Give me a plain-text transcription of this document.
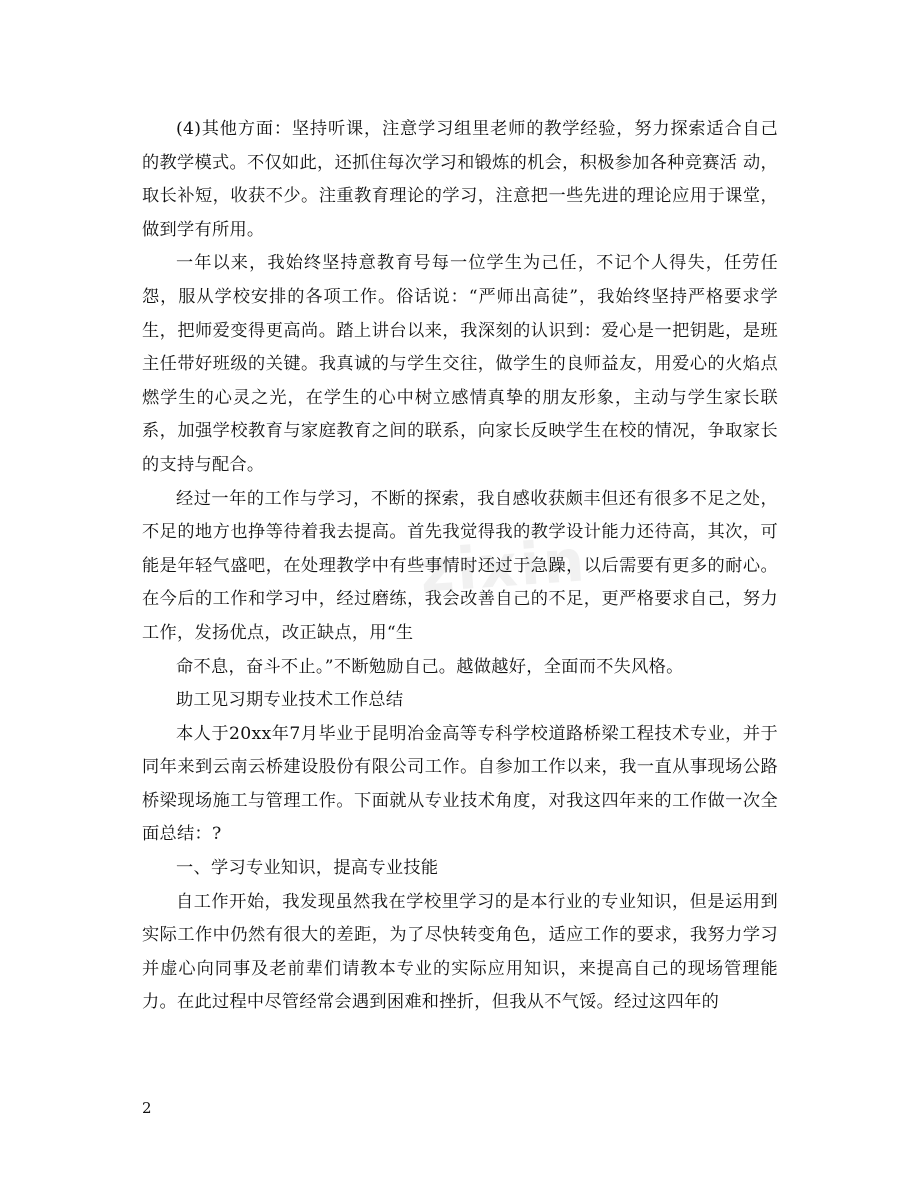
zixin

(4)其他方面：坚持听课，注意学习组里老师的教学经验，努力探索适合自己的教学模式。不仅如此，还抓住每次学习和锻炼的机会，积极参加各种竞赛活 动，取长补短，收获不少。注重教育理论的学习，注意把一些先进的理论应用于课堂，做到学有所用。

一年以来，我始终坚持意教育号每一位学生为己任，不记个人得失，任劳任怨，服从学校安排的各项工作。俗话说：“严师出高徒”，我始终坚持严格要求学生，把师爱变得更高尚。踏上讲台以来，我深刻的认识到：爱心是一把钥匙，是班主任带好班级的关键。我真诚的与学生交往，做学生的良师益友，用爱心的火焰点燃学生的心灵之光，在学生的心中树立感情真挚的朋友形象，主动与学生家长联系，加强学校教育与家庭教育之间的联系，向家长反映学生在校的情况，争取家长的支持与配合。

经过一年的工作与学习，不断的探索，我自感收获颇丰但还有很多不足之处，不足的地方也挣等待着我去提高。首先我觉得我的教学设计能力还待高，其次，可能是年轻气盛吧，在处理教学中有些事情时还过于急躁，以后需要有更多的耐心。在今后的工作和学习中，经过磨练，我会改善自己的不足，更严格要求自己，努力工作，发扬优点，改正缺点，用“生

命不息，奋斗不止。”不断勉励自己。越做越好，全面而不失风格。

助工见习期专业技术工作总结

本人于20xx年7月毕业于昆明冶金高等专科学校道路桥梁工程技术专业，并于同年来到云南云桥建设股份有限公司工作。自参加工作以来，我一直从事现场公路桥梁现场施工与管理工作。下面就从专业技术角度，对我这四年来的工作做一次全面总结：?

一、学习专业知识，提高专业技能

自工作开始，我发现虽然我在学校里学习的是本行业的专业知识，但是运用到实际工作中仍然有很大的差距，为了尽快转变角色，适应工作的要求，我努力学习并虚心向同事及老前辈们请教本专业的实际应用知识，来提高自己的现场管理能力。在此过程中尽管经常会遇到困难和挫折，但我从不气馁。经过这四年的

2
